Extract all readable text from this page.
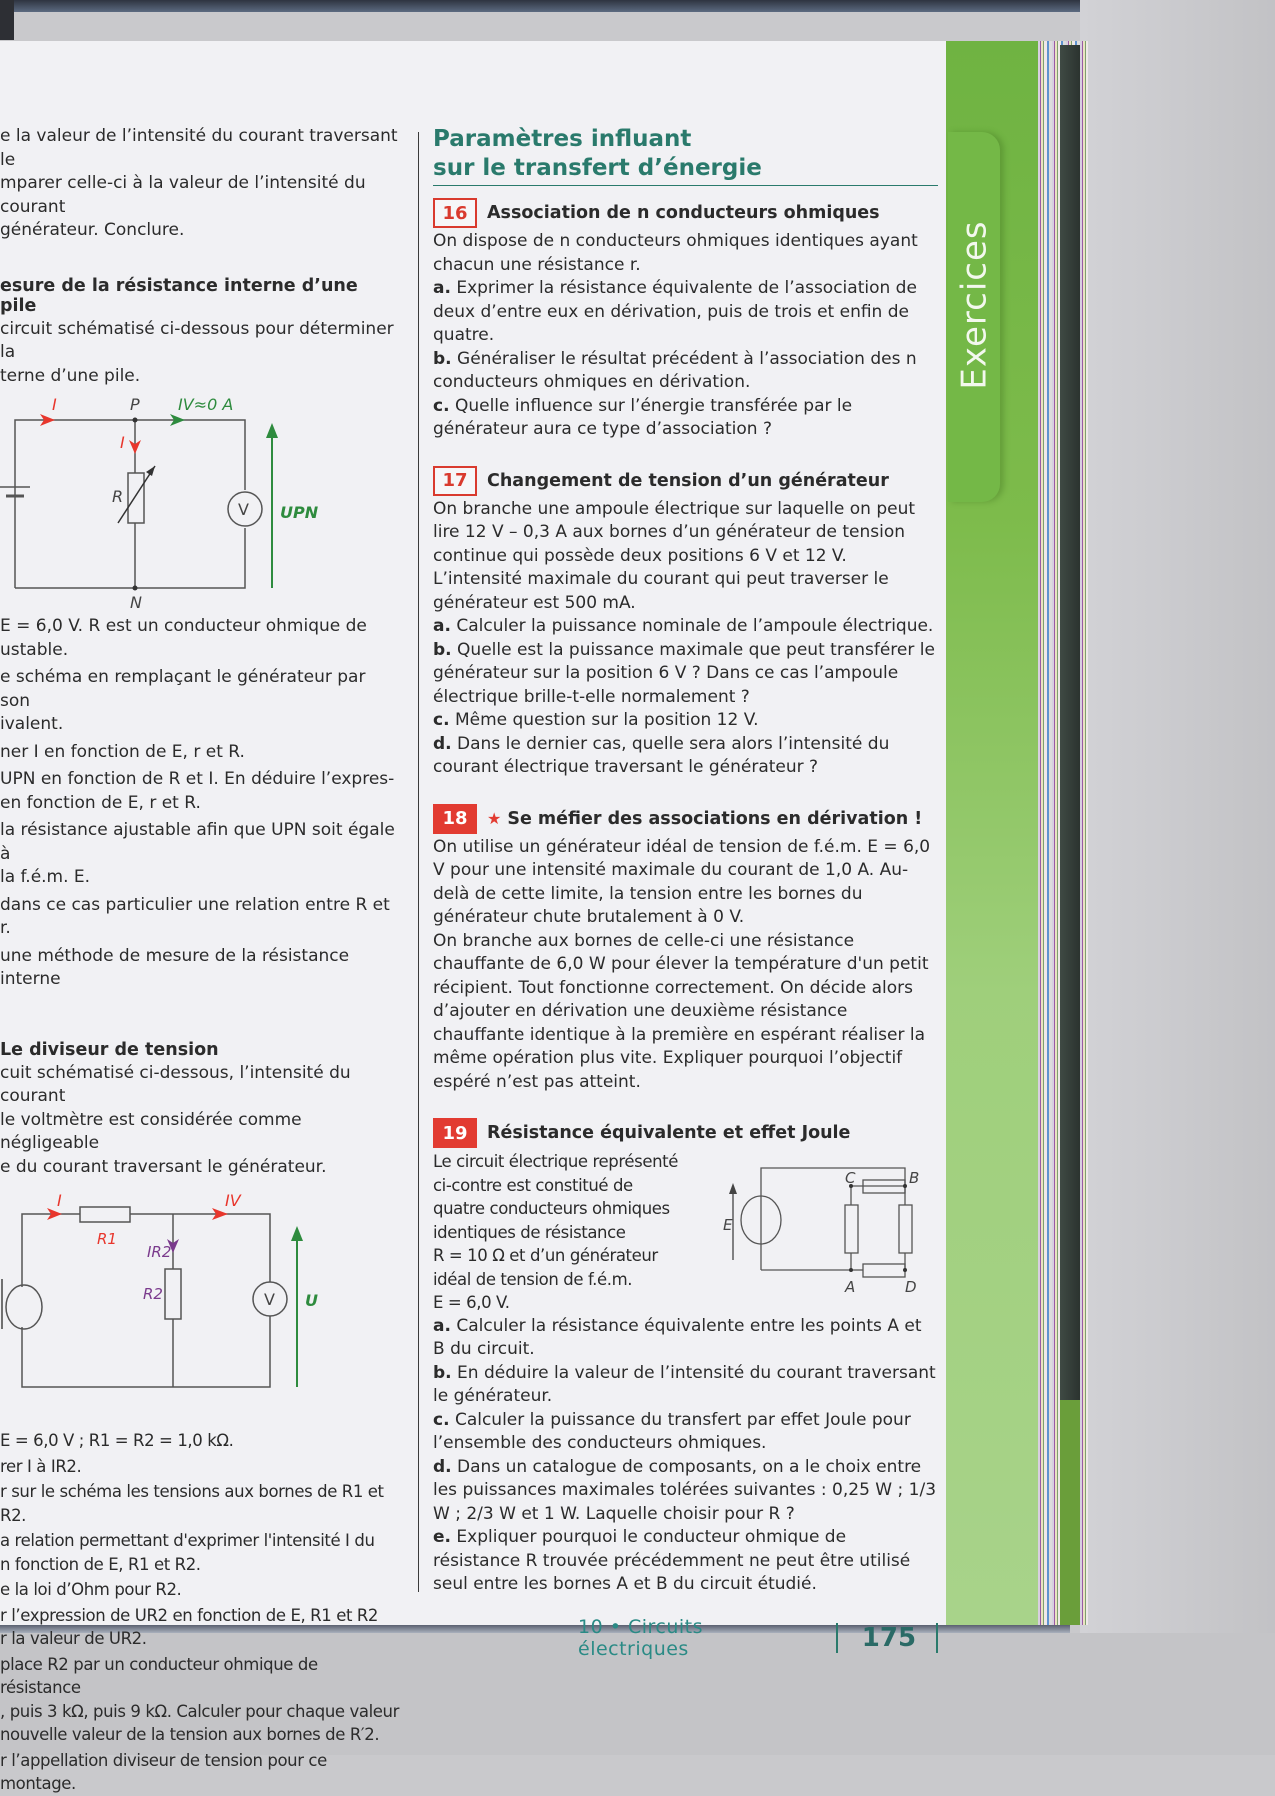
Exercices

e la valeur de l’intensité du courant traversant le

mparer celle-ci à la valeur de l’intensité du courant

générateur. Conclure.

esure de la résistance interne d’une pile

circuit schématisé ci-dessous pour déterminer la

terne d’une pile.

I	P IV≈0 A
I
R
V UPN
N

E = 6,0 V. R est un conducteur ohmique de

ustable.

e schéma en remplaçant le générateur par son

ivalent.

ner I en fonction de E, r et R.

UPN en fonction de R et I. En déduire l’expres-

en fonction de E, r et R.

la résistance ajustable afin que UPN soit égale à

la f.é.m. E.

dans ce cas particulier une relation entre R et r.

une méthode de mesure de la résistance interne

Le diviseur de tension

cuit schématisé ci-dessous, l’intensité du courant

le voltmètre est considérée comme négligeable

e du courant traversant le générateur.

I
R1
IR2
IV
R2	V U

E = 6,0 V ; R1 = R2 = 1,0 kΩ.

rer I à IR2.

r sur le schéma les tensions aux bornes de R1 et R2.

a relation permettant d'exprimer l'intensité I du

n fonction de E, R1 et R2.

e la loi d’Ohm pour R2.

r l’expression de UR2 en fonction de E, R1 et R2

r la valeur de UR2.

place R2 par un conducteur ohmique de résistance

, puis 3 kΩ, puis 9 kΩ. Calculer pour chaque valeur

nouvelle valeur de la tension aux bornes de R′2.

r l’appellation diviseur de tension pour ce montage.

Paramètres influant
sur le transfert d’énergie
16	Association de n conducteurs ohmiques

On dispose de n conducteurs ohmiques identiques ayant chacun une résistance r.

a. Exprimer la résistance équivalente de l’association de deux d’entre eux en dérivation, puis de trois et enfin de quatre.

b. Généraliser le résultat précédent à l’association des n conducteurs ohmiques en dérivation.

c. Quelle influence sur l’énergie transférée par le générateur aura ce type d’association ?

17	Changement de tension d’un générateur

On branche une ampoule électrique sur laquelle on peut lire 12 V – 0,3 A aux bornes d’un générateur de tension continue qui possède deux positions 6 V et 12 V. L’intensité maximale du courant qui peut traverser le générateur est 500 mA.

a. Calculer la puissance nominale de l’ampoule électrique.

b. Quelle est la puissance maximale que peut transférer le générateur sur la position 6 V ? Dans ce cas l’ampoule électrique brille-t-elle normalement ?

c. Même question sur la position 12 V.

d. Dans le dernier cas, quelle sera alors l’intensité du courant électrique traversant le générateur ?

18	★ Se méfier des associations en dérivation !

On utilise un générateur idéal de tension de f.é.m. E = 6,0 V pour une intensité maximale du courant de 1,0 A. Au-delà de cette limite, la tension entre les bornes du générateur chute brutalement à 0 V.

On branche aux bornes de celle-ci une résistance chauffante de 6,0 W pour élever la température d'un petit récipient. Tout fonctionne correctement. On décide alors d’ajouter en dérivation une deuxième résistance chauffante identique à la première en espérant réaliser la même opération plus vite. Expliquer pourquoi l’objectif espéré n’est pas atteint.

19	Résistance équivalente et effet Joule

Le circuit électrique représenté

ci-contre est constitué de

quatre conducteurs ohmiques

identiques de résistance

R = 10 Ω et d’un générateur

idéal de tension de f.é.m.

E = 6,0 V.

E
C	B
A	D

a. Calculer la résistance équivalente entre les points A et B du circuit.

b. En déduire la valeur de l’intensité du courant traversant le générateur.

c. Calculer la puissance du transfert par effet Joule pour l’ensemble des conducteurs ohmiques.

d. Dans un catalogue de composants, on a le choix entre les puissances maximales tolérées suivantes : 0,25 W ; 1/3 W ; 2/3 W et 1 W. Laquelle choisir pour R ?

e. Expliquer pourquoi le conducteur ohmique de résistance R trouvée précédemment ne peut être utilisé seul entre les bornes A et B du circuit étudié.

10 • Circuits électriques	175
